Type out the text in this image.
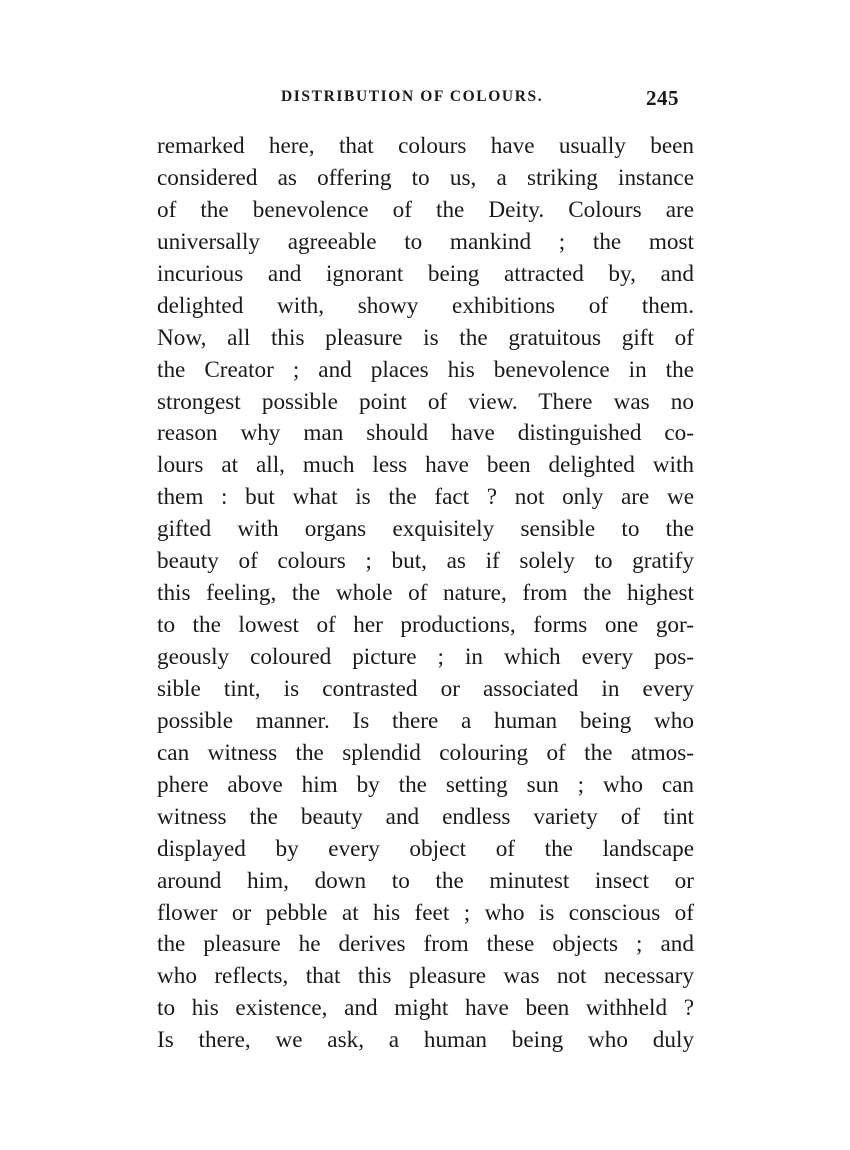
DISTRIBUTION OF COLOURS.	245
remarked here, that colours have usually been
considered as offering to us, a striking instance
of the benevolence of the Deity. Colours are
universally agreeable to mankind ; the most
incurious and ignorant being attracted by, and
delighted with, showy exhibitions of them.
Now, all this pleasure is the gratuitous gift of
the Creator ; and places his benevolence in the
strongest possible point of view. There was no
reason why man should have distinguished co-
lours at all, much less have been delighted with
them : but what is the fact ? not only are we
gifted with organs exquisitely sensible to the
beauty of colours ; but, as if solely to gratify
this feeling, the whole of nature, from the highest
to the lowest of her productions, forms one gor-
geously coloured picture ; in which every pos-
sible tint, is contrasted or associated in every
possible manner. Is there a human being who
can witness the splendid colouring of the atmos-
phere above him by the setting sun ; who can
witness the beauty and endless variety of tint
displayed by every object of the landscape
around him, down to the minutest insect or
flower or pebble at his feet ; who is conscious of
the pleasure he derives from these objects ; and
who reflects, that this pleasure was not necessary
to his existence, and might have been withheld ?
Is there, we ask, a human being who duly
